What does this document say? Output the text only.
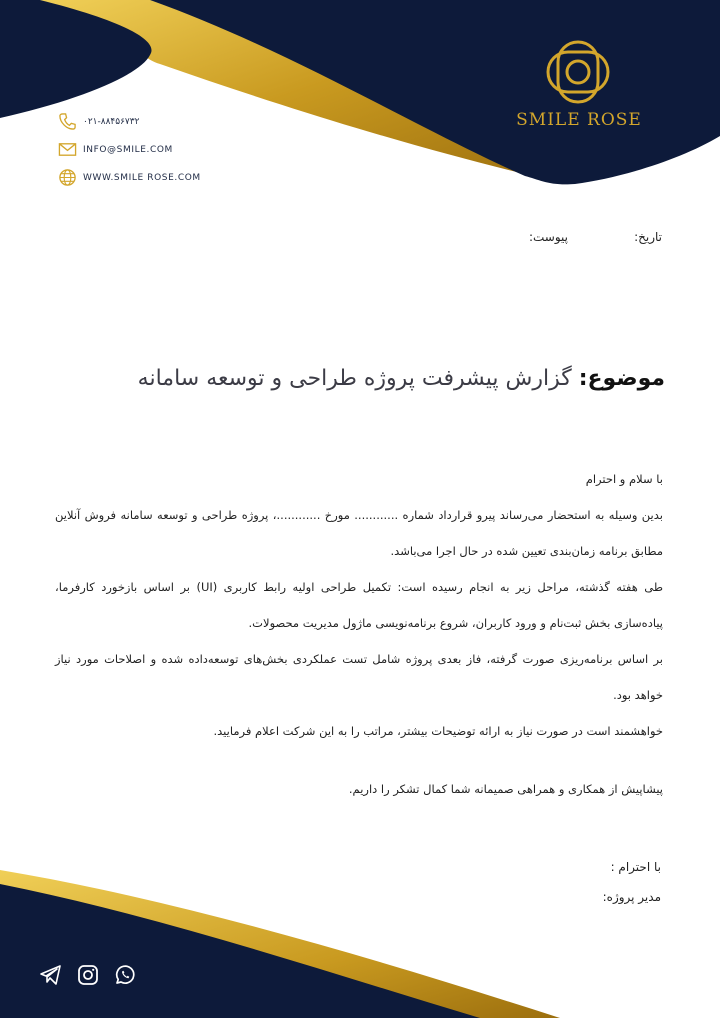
SMILE ROSE
۰۲۱-۸۸۴۵۶۷۳۲
INFO@SMILE.COM
WWW.SMILE ROSE.COM
تاریخ:
پیوست:
موضوع: گزارش پیشرفت پروژه طراحی و توسعه سامانه

با سلام و احترام

بدین وسیله به استحضار می‌رساند پیرو قرارداد شماره ............ مورخ ............، پروژه طراحی و توسعه سامانه فروش آنلاین مطابق برنامه زمان‌بندی تعیین شده در حال اجرا می‌باشد.

طی هفته گذشته، مراحل زیر به انجام رسیده است: تکمیل طراحی اولیه رابط کاربری (UI) بر اساس بازخورد کارفرما، پیاده‌سازی بخش ثبت‌نام و ورود کاربران، شروع برنامه‌نویسی ماژول مدیریت محصولات.

بر اساس برنامه‌ریزی صورت گرفته، فاز بعدی پروژه شامل تست عملکردی بخش‌های توسعه‌داده شده و اصلاحات مورد نیاز خواهد بود.

خواهشمند است در صورت نیاز به ارائه توضیحات بیشتر، مراتب را به این شرکت اعلام فرمایید.

پیشاپیش از همکاری و همراهی صمیمانه شما کمال تشکر را داریم.

با احترام :
مدیر پروژه:
